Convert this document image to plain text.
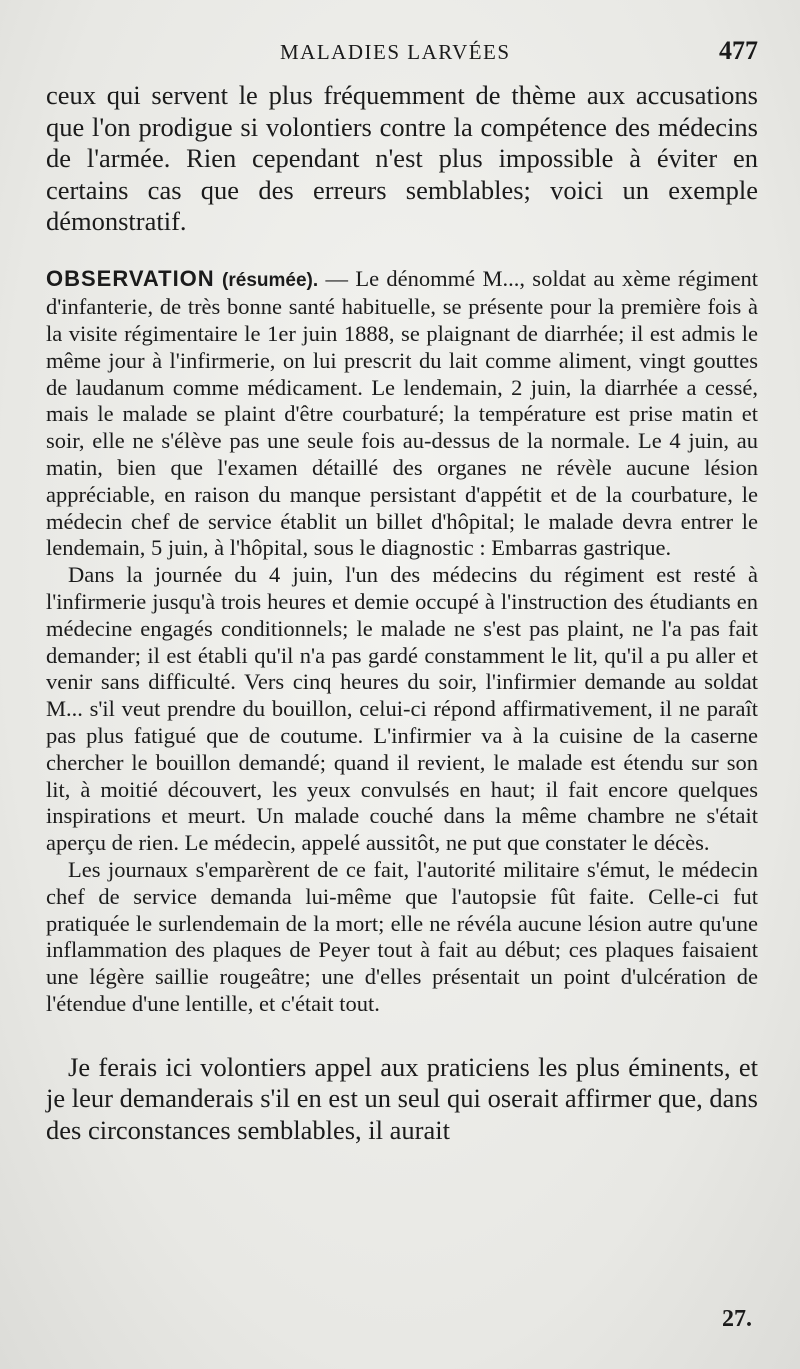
MALADIES LARVÉES	477

ceux qui servent le plus fréquemment de thème aux accusations que l'on prodigue si volontiers contre la compétence des médecins de l'armée. Rien cependant n'est plus impossible à éviter en certains cas que des erreurs semblables; voici un exemple démonstratif.

OBSERVATION (résumée). — Le dénommé M..., soldat au xème régiment d'infanterie, de très bonne santé habituelle, se présente pour la première fois à la visite régimentaire le 1er juin 1888, se plaignant de diarrhée; il est admis le même jour à l'infirmerie, on lui prescrit du lait comme aliment, vingt gouttes de laudanum comme médicament. Le lendemain, 2 juin, la diarrhée a cessé, mais le malade se plaint d'être courbaturé; la température est prise matin et soir, elle ne s'élève pas une seule fois au-dessus de la normale. Le 4 juin, au matin, bien que l'examen détaillé des organes ne révèle aucune lésion appréciable, en raison du manque persistant d'appétit et de la courbature, le médecin chef de service établit un billet d'hôpital; le malade devra entrer le lendemain, 5 juin, à l'hôpital, sous le diagnostic : Embarras gastrique.

Dans la journée du 4 juin, l'un des médecins du régiment est resté à l'infirmerie jusqu'à trois heures et demie occupé à l'instruction des étudiants en médecine engagés conditionnels; le malade ne s'est pas plaint, ne l'a pas fait demander; il est établi qu'il n'a pas gardé constamment le lit, qu'il a pu aller et venir sans difficulté. Vers cinq heures du soir, l'infirmier demande au soldat M... s'il veut prendre du bouillon, celui-ci répond affirmativement, il ne paraît pas plus fatigué que de coutume. L'infirmier va à la cuisine de la caserne chercher le bouillon demandé; quand il revient, le malade est étendu sur son lit, à moitié découvert, les yeux convulsés en haut; il fait encore quelques inspirations et meurt. Un malade couché dans la même chambre ne s'était aperçu de rien. Le médecin, appelé aussitôt, ne put que constater le décès.

Les journaux s'emparèrent de ce fait, l'autorité militaire s'émut, le médecin chef de service demanda lui-même que l'autopsie fût faite. Celle-ci fut pratiquée le surlendemain de la mort; elle ne révéla aucune lésion autre qu'une inflammation des plaques de Peyer tout à fait au début; ces plaques faisaient une légère saillie rougeâtre; une d'elles présentait un point d'ulcération de l'étendue d'une lentille, et c'était tout.

Je ferais ici volontiers appel aux praticiens les plus éminents, et je leur demanderais s'il en est un seul qui oserait affirmer que, dans des circonstances semblables, il aurait

27.
